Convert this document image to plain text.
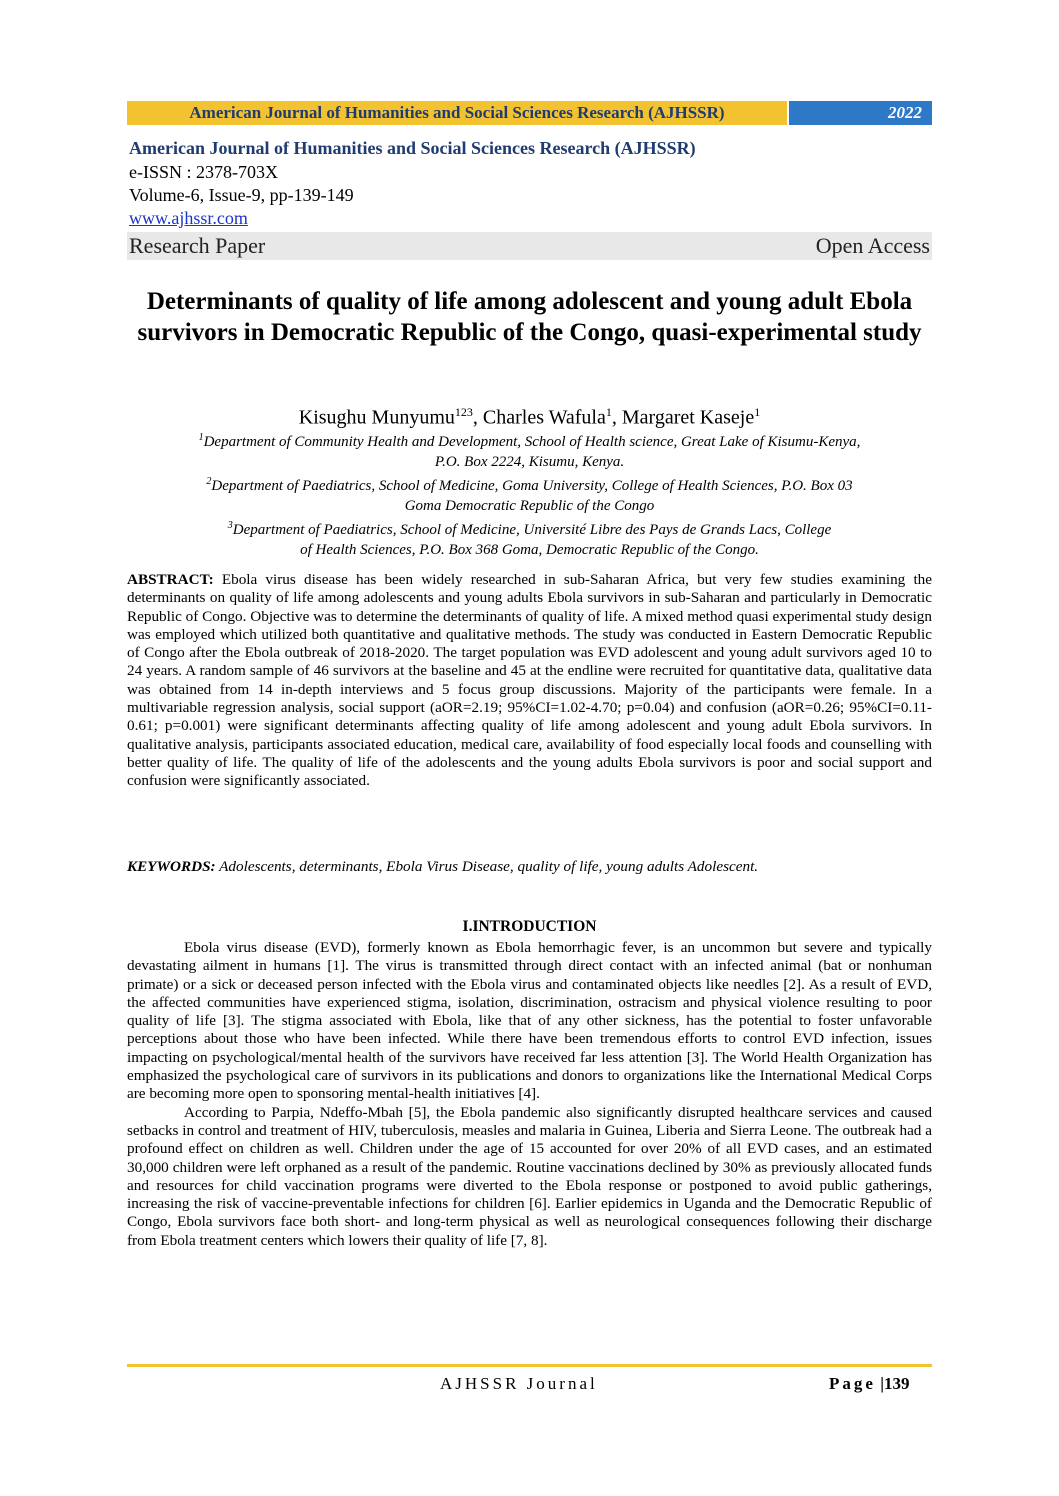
American Journal of Humanities and Social Sciences Research (AJHSSR)	2022
American Journal of Humanities and Social Sciences Research (AJHSSR)
e-ISSN : 2378-703X
Volume-6, Issue-9, pp-139-149
www.ajhssr.com
Research Paper	Open Access
Determinants of quality of life among adolescent and young adult Ebola survivors in Democratic Republic of the Congo, quasi-experimental study
Kisughu Munyumu$^{123}$, Charles Wafula$^1$, Margaret Kaseje$^1$

$^1$Department of Community Health and Development, School of Health science, Great Lake of Kisumu-Kenya,

P.O. Box 2224, Kisumu, Kenya.

$^2$Department of Paediatrics, School of Medicine, Goma University, College of Health Sciences, P.O. Box 03

Goma Democratic Republic of the Congo

$^3$Department of Paediatrics, School of Medicine, Université Libre des Pays de Grands Lacs, College

of Health Sciences, P.O. Box 368 Goma, Democratic Republic of the Congo.

ABSTRACT: Ebola virus disease has been widely researched in sub-Saharan Africa, but very few studies examining the determinants on quality of life among adolescents and young adults Ebola survivors in sub-Saharan and particularly in Democratic Republic of Congo. Objective was to determine the determinants of quality of life. A mixed method quasi experimental study design was employed which utilized both quantitative and qualitative methods. The study was conducted in Eastern Democratic Republic of Congo after the Ebola outbreak of 2018-2020. The target population was EVD adolescent and young adult survivors aged 10 to 24 years. A random sample of 46 survivors at the baseline and 45 at the endline were recruited for quantitative data, qualitative data was obtained from 14 in-depth interviews and 5 focus group discussions. Majority of the participants were female. In a multivariable regression analysis, social support (aOR=2.19; 95%CI=1.02-4.70; p=0.04) and confusion (aOR=0.26; 95%CI=0.11-0.61; p=0.001) were significant determinants affecting quality of life among adolescent and young adult Ebola survivors. In qualitative analysis, participants associated education, medical care, availability of food especially local foods and counselling with better quality of life. The quality of life of the adolescents and the young adults Ebola survivors is poor and social support and confusion were significantly associated.

KEYWORDS: Adolescents, determinants, Ebola Virus Disease, quality of life, young adults Adolescent.
I.INTRODUCTION

Ebola virus disease (EVD), formerly known as Ebola hemorrhagic fever, is an uncommon but severe and typically devastating ailment in humans [1]. The virus is transmitted through direct contact with an infected animal (bat or nonhuman primate) or a sick or deceased person infected with the Ebola virus and contaminated objects like needles [2]. As a result of EVD, the affected communities have experienced stigma, isolation, discrimination, ostracism and physical violence resulting to poor quality of life [3]. The stigma associated with Ebola, like that of any other sickness, has the potential to foster unfavorable perceptions about those who have been infected. While there have been tremendous efforts to control EVD infection, issues impacting on psychological/mental health of the survivors have received far less attention [3]. The World Health Organization has emphasized the psychological care of survivors in its publications and donors to organizations like the International Medical Corps are becoming more open to sponsoring mental-health initiatives [4].

According to Parpia, Ndeffo-Mbah [5], the Ebola pandemic also significantly disrupted healthcare services and caused setbacks in control and treatment of HIV, tuberculosis, measles and malaria in Guinea, Liberia and Sierra Leone. The outbreak had a profound effect on children as well. Children under the age of 15 accounted for over 20% of all EVD cases, and an estimated 30,000 children were left orphaned as a result of the pandemic. Routine vaccinations declined by 30% as previously allocated funds and resources for child vaccination programs were diverted to the Ebola response or postponed to avoid public gatherings, increasing the risk of vaccine-preventable infections for children [6]. Earlier epidemics in Uganda and the Democratic Republic of Congo, Ebola survivors face both short- and long-term physical as well as neurological consequences following their discharge from Ebola treatment centers which lowers their quality of life [7, 8].

AJHSSR Journal	Page |139
